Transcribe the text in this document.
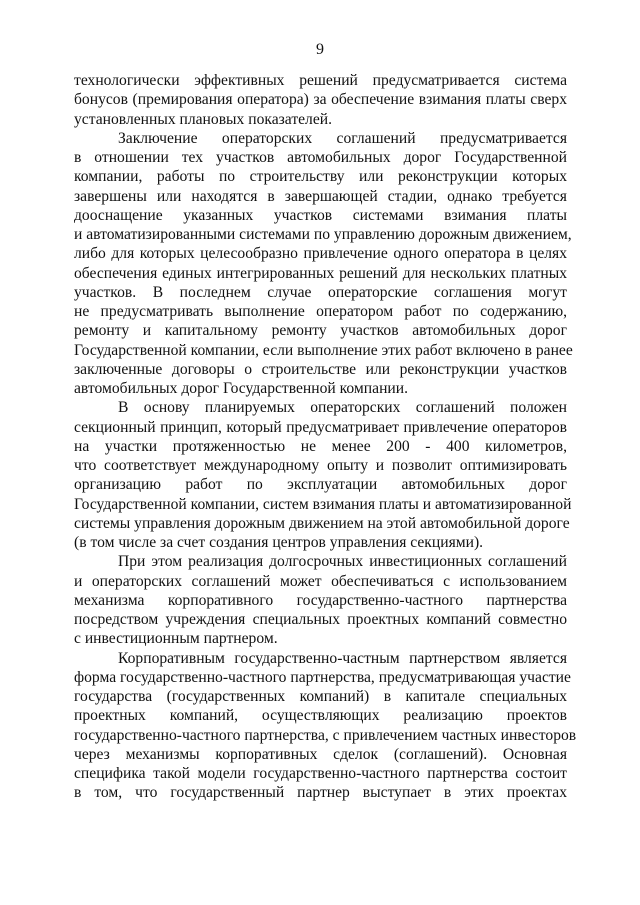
9
технологически эффективных решений предусматривается система
бонусов (премирования оператора) за обеспечение взимания платы сверх
установленных плановых показателей.
Заключение операторских соглашений предусматривается
в отношении тех участков автомобильных дорог Государственной
компании, работы по строительству или реконструкции которых
завершены или находятся в завершающей стадии, однако требуется
дооснащение указанных участков системами взимания платы
и автоматизированными системами по управлению дорожным движением,
либо для которых целесообразно привлечение одного оператора в целях
обеспечения единых интегрированных решений для нескольких платных
участков. В последнем случае операторские соглашения могут
не предусматривать выполнение оператором работ по содержанию,
ремонту и капитальному ремонту участков автомобильных дорог
Государственной компании, если выполнение этих работ включено в ранее
заключенные договоры о строительстве или реконструкции участков
автомобильных дорог Государственной компании.
В основу планируемых операторских соглашений положен
секционный принцип, который предусматривает привлечение операторов
на участки протяженностью не менее 200 - 400 километров,
что соответствует международному опыту и позволит оптимизировать
организацию работ по эксплуатации автомобильных дорог
Государственной компании, систем взимания платы и автоматизированной
системы управления дорожным движением на этой автомобильной дороге
(в том числе за счет создания центров управления секциями).
При этом реализация долгосрочных инвестиционных соглашений
и операторских соглашений может обеспечиваться с использованием
механизма корпоративного государственно-частного партнерства
посредством учреждения специальных проектных компаний совместно
с инвестиционным партнером.
Корпоративным государственно-частным партнерством является
форма государственно-частного партнерства, предусматривающая участие
государства (государственных компаний) в капитале специальных
проектных компаний, осуществляющих реализацию проектов
государственно-частного партнерства, с привлечением частных инвесторов
через механизмы корпоративных сделок (соглашений). Основная
специфика такой модели государственно-частного партнерства состоит
в том, что государственный партнер выступает в этих проектах
